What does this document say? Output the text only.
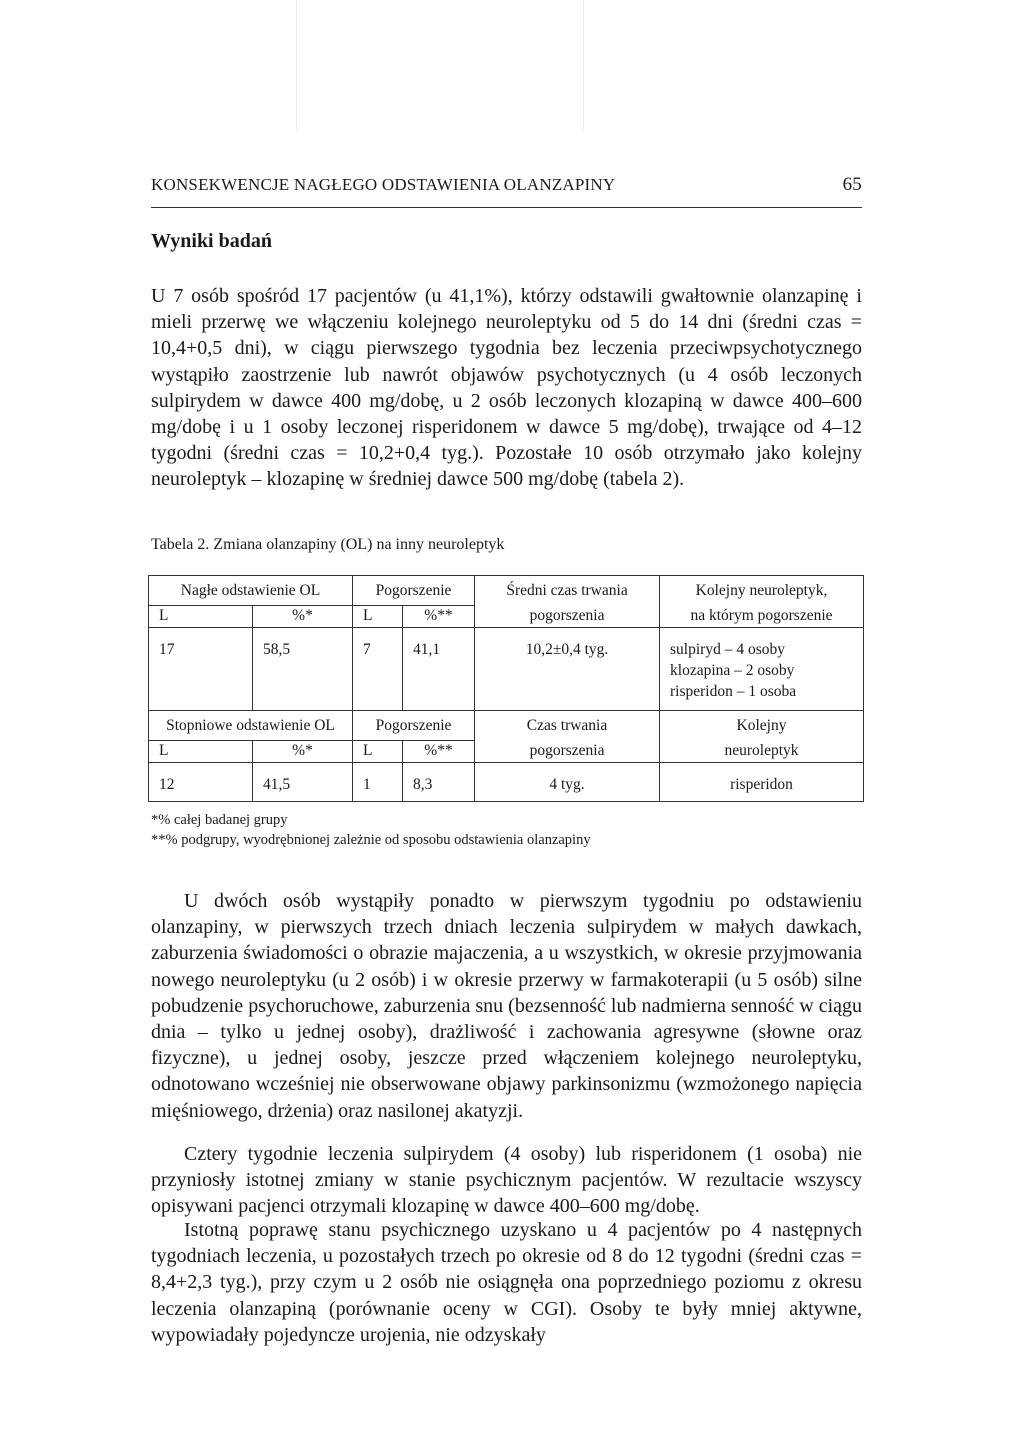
KONSEKWENCJE NAGŁEGO ODSTAWIENIA OLANZAPINY	65
Wyniki badań

U 7 osób spośród 17 pacjentów (u 41,1%), którzy odstawili gwałtownie olanzapinę i mieli przerwę we włączeniu kolejnego neuroleptyku od 5 do 14 dni (średni czas = 10,4+0,5 dni), w ciągu pierwszego tygodnia bez leczenia przeciwpsychotycznego wystąpiło zaostrzenie lub nawrót objawów psychotycznych (u 4 osób leczonych sulpirydem w dawce 400 mg/dobę, u 2 osób leczonych klozapiną w dawce 400–600 mg/dobę i u 1 osoby leczonej risperidonem w dawce 5 mg/dobę), trwające od 4–12 tygodni (średni czas = 10,2+0,4 tyg.). Pozostałe 10 osób otrzymało jako kolejny neuroleptyk – klozapinę w średniej dawce 500 mg/dobę (tabela 2).

Tabela 2. Zmiana olanzapiny (OL) na inny neuroleptyk

Nagłe odstawienie OL		Pogorszenie		Średni czas trwania	Kolejny neuroleptyk,
L	%*	L	%**	pogorszenia	na którym pogorszenie
17	58,5	7	41,1	10,2±0,4 tyg.	sulpiryd – 4 osoby
					klozapina – 2 osoby
					risperidon – 1 osoba
Stopniowe odstawienie OL		Pogorszenie		Czas trwania	Kolejny
L	%*	L	%**	pogorszenia	neuroleptyk
12	41,5	1	8,3	4 tyg.	risperidon

*% całej badanej grupy

**% podgrupy, wyodrębnionej zależnie od sposobu odstawienia olanzapiny

U dwóch osób wystąpiły ponadto w pierwszym tygodniu po odstawieniu olanzapiny, w pierwszych trzech dniach leczenia sulpirydem w małych dawkach, zaburzenia świadomości o obrazie majaczenia, a u wszystkich, w okresie przyjmowania nowego neuroleptyku (u 2 osób) i w okresie przerwy w farmakoterapii (u 5 osób) silne pobudzenie psychoruchowe, zaburzenia snu (bezsenność lub nadmierna senność w ciągu dnia – tylko u jednej osoby), drażliwość i zachowania agresywne (słowne oraz fizyczne), u jednej osoby, jeszcze przed włączeniem kolejnego neuroleptyku, odnotowano wcześniej nie obserwowane objawy parkinsonizmu (wzmożonego napięcia mięśniowego, drżenia) oraz nasilonej akatyzji.

Cztery tygodnie leczenia sulpirydem (4 osoby) lub risperidonem (1 osoba) nie przyniosły istotnej zmiany w stanie psychicznym pacjentów. W rezultacie wszyscy opisywani pacjenci otrzymali klozapinę w dawce 400–600 mg/dobę.

Istotną poprawę stanu psychicznego uzyskano u 4 pacjentów po 4 następnych tygodniach leczenia, u pozostałych trzech po okresie od 8 do 12 tygodni (średni czas = 8,4+2,3 tyg.), przy czym u 2 osób nie osiągnęła ona poprzedniego poziomu z okresu leczenia olanzapiną (porównanie oceny w CGI). Osoby te były mniej aktywne, wypowiadały pojedyncze urojenia, nie odzyskały
